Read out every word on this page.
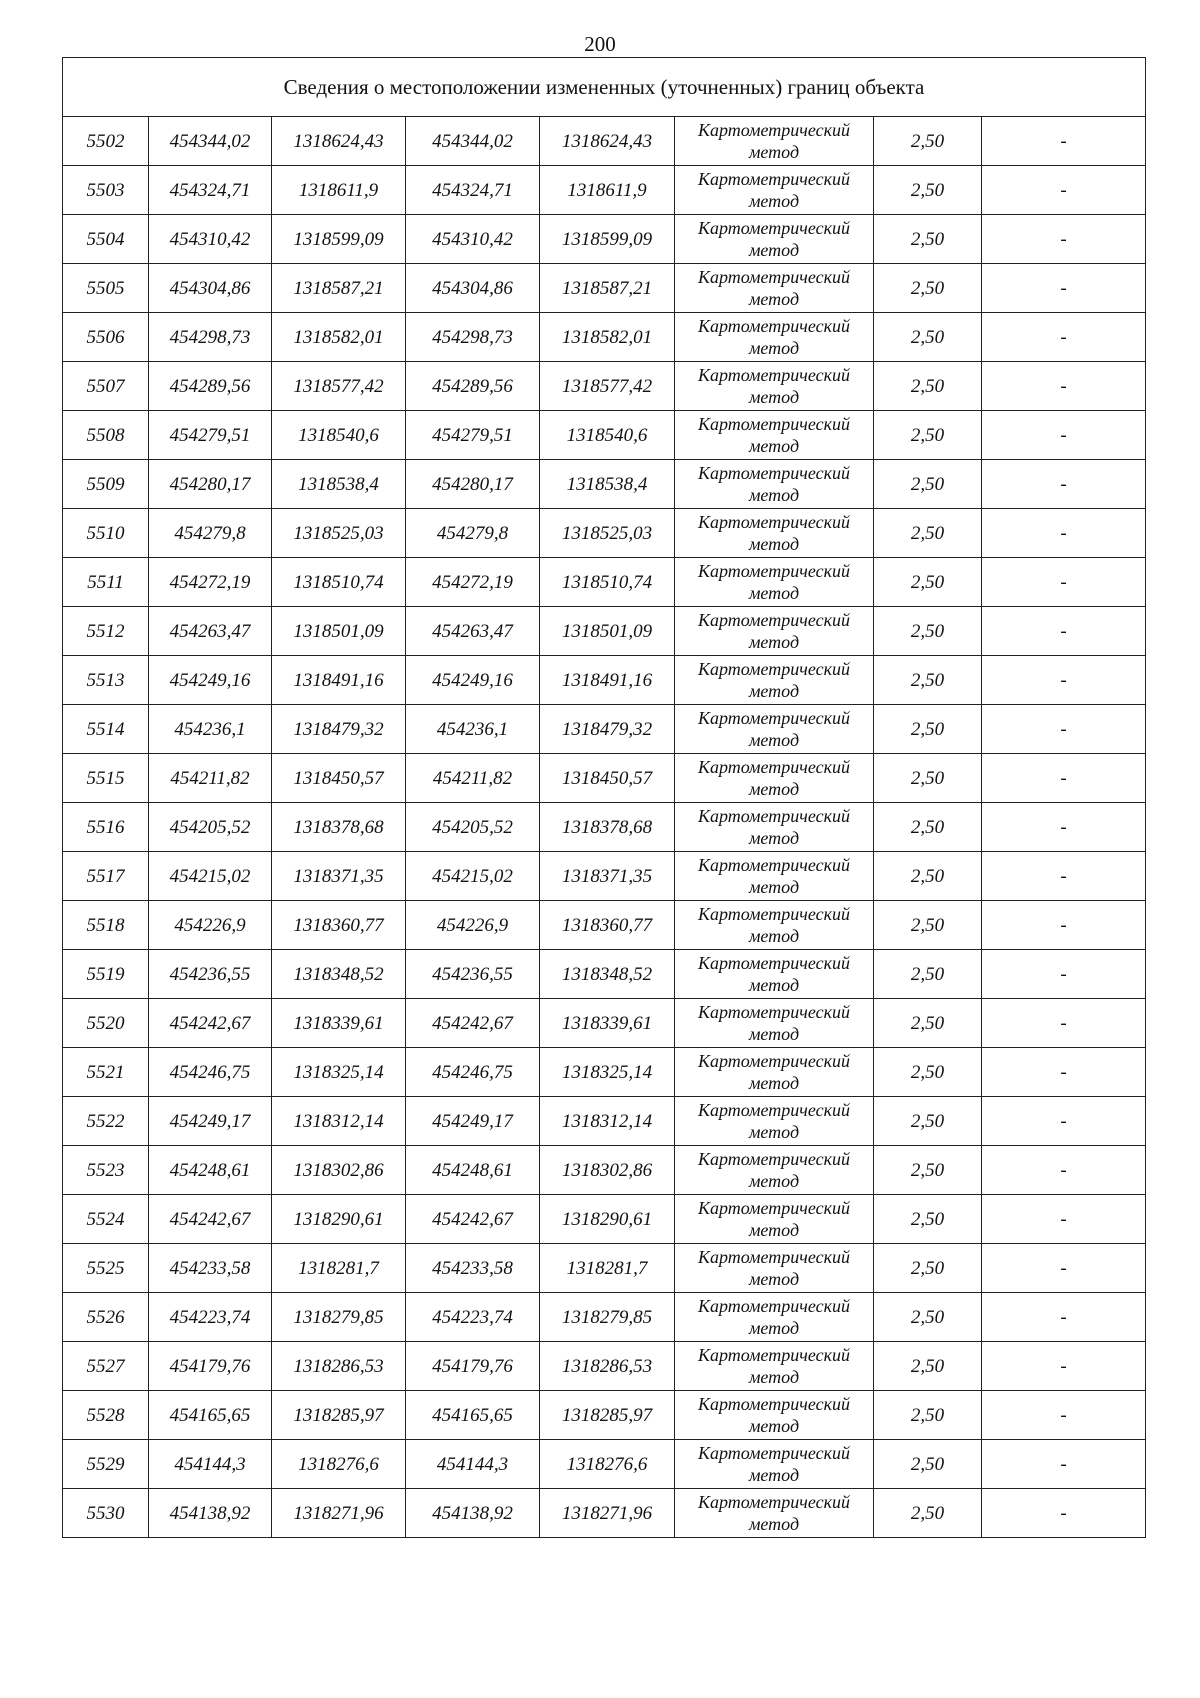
200
Сведения о местоположении измененных (уточненных) границ объекта							
5502	454344,02	1318624,43	454344,02	1318624,43	Картометрический
метод	2,50	-
5503	454324,71	1318611,9	454324,71	1318611,9	Картометрический
метод	2,50	-
5504	454310,42	1318599,09	454310,42	1318599,09	Картометрический
метод	2,50	-
5505	454304,86	1318587,21	454304,86	1318587,21	Картометрический
метод	2,50	-
5506	454298,73	1318582,01	454298,73	1318582,01	Картометрический
метод	2,50	-
5507	454289,56	1318577,42	454289,56	1318577,42	Картометрический
метод	2,50	-
5508	454279,51	1318540,6	454279,51	1318540,6	Картометрический
метод	2,50	-
5509	454280,17	1318538,4	454280,17	1318538,4	Картометрический
метод	2,50	-
5510	454279,8	1318525,03	454279,8	1318525,03	Картометрический
метод	2,50	-
5511	454272,19	1318510,74	454272,19	1318510,74	Картометрический
метод	2,50	-
5512	454263,47	1318501,09	454263,47	1318501,09	Картометрический
метод	2,50	-
5513	454249,16	1318491,16	454249,16	1318491,16	Картометрический
метод	2,50	-
5514	454236,1	1318479,32	454236,1	1318479,32	Картометрический
метод	2,50	-
5515	454211,82	1318450,57	454211,82	1318450,57	Картометрический
метод	2,50	-
5516	454205,52	1318378,68	454205,52	1318378,68	Картометрический
метод	2,50	-
5517	454215,02	1318371,35	454215,02	1318371,35	Картометрический
метод	2,50	-
5518	454226,9	1318360,77	454226,9	1318360,77	Картометрический
метод	2,50	-
5519	454236,55	1318348,52	454236,55	1318348,52	Картометрический
метод	2,50	-
5520	454242,67	1318339,61	454242,67	1318339,61	Картометрический
метод	2,50	-
5521	454246,75	1318325,14	454246,75	1318325,14	Картометрический
метод	2,50	-
5522	454249,17	1318312,14	454249,17	1318312,14	Картометрический
метод	2,50	-
5523	454248,61	1318302,86	454248,61	1318302,86	Картометрический
метод	2,50	-
5524	454242,67	1318290,61	454242,67	1318290,61	Картометрический
метод	2,50	-
5525	454233,58	1318281,7	454233,58	1318281,7	Картометрический
метод	2,50	-
5526	454223,74	1318279,85	454223,74	1318279,85	Картометрический
метод	2,50	-
5527	454179,76	1318286,53	454179,76	1318286,53	Картометрический
метод	2,50	-
5528	454165,65	1318285,97	454165,65	1318285,97	Картометрический
метод	2,50	-
5529	454144,3	1318276,6	454144,3	1318276,6	Картометрический
метод	2,50	-
5530	454138,92	1318271,96	454138,92	1318271,96	Картометрический
метод	2,50	-
